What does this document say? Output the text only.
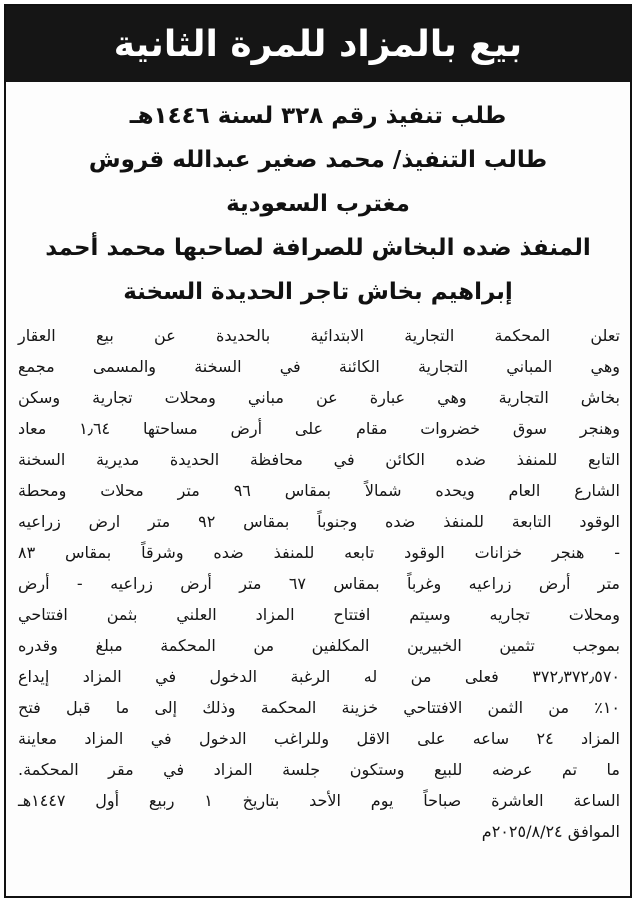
بيع بالمزاد للمرة الثانية
طلب تنفيذ رقم ٣٢٨ لسنة ١٤٤٦هـ
طالب التنفيذ/ محمد صغير عبدالله قروش
مغترب السعودية
المنفذ ضده البخاش للصرافة لصاحبها محمد أحمد
إبراهيم بخاش تاجر الحديدة السخنة
تعلن المحكمة التجارية الابتدائية بالحديدة عن بيع العقار
وهي المباني التجارية الكائنة في السخنة والمسمى مجمع
بخاش التجارية وهي عبارة عن مباني ومحلات تجارية وسكن
وهنجر سوق خضروات مقام على أرض مساحتها ١٫٦٤ معاد
التابع للمنفذ ضده الكائن في محافظة الحديدة مديرية السخنة
الشارع العام ويحده شمالاً بمقاس ٩٦ متر محلات ومحطة
الوقود التابعة للمنفذ ضده وجنوباً بمقاس ٩٢ متر ارض زراعيه
- هنجر خزانات الوقود تابعه للمنفذ ضده وشرقاً بمقاس ٨٣
متر أرض زراعيه وغرباً بمقاس ٦٧ متر أرض زراعيه - أرض
ومحلات تجاريه وسيتم افتتاح المزاد العلني بثمن افتتاحي
بموجب تثمين الخبيرين المكلفين من المحكمة مبلغ وقدره
٣٧٢٫٣٧٢٫٥٧٠ فعلى من له الرغبة الدخول في المزاد إيداع
١٠٪ من الثمن الافتتاحي خزينة المحكمة وذلك إلى ما قبل فتح
المزاد ٢٤ ساعه على الاقل وللراغب الدخول في المزاد معاينة
ما تم عرضه للبيع وستكون جلسة المزاد في مقر المحكمة.
الساعة العاشرة صباحاً يوم الأحد بتاريخ ١ ربيع أول ١٤٤٧هـ
الموافق ٢٠٢٥/٨/٢٤م
